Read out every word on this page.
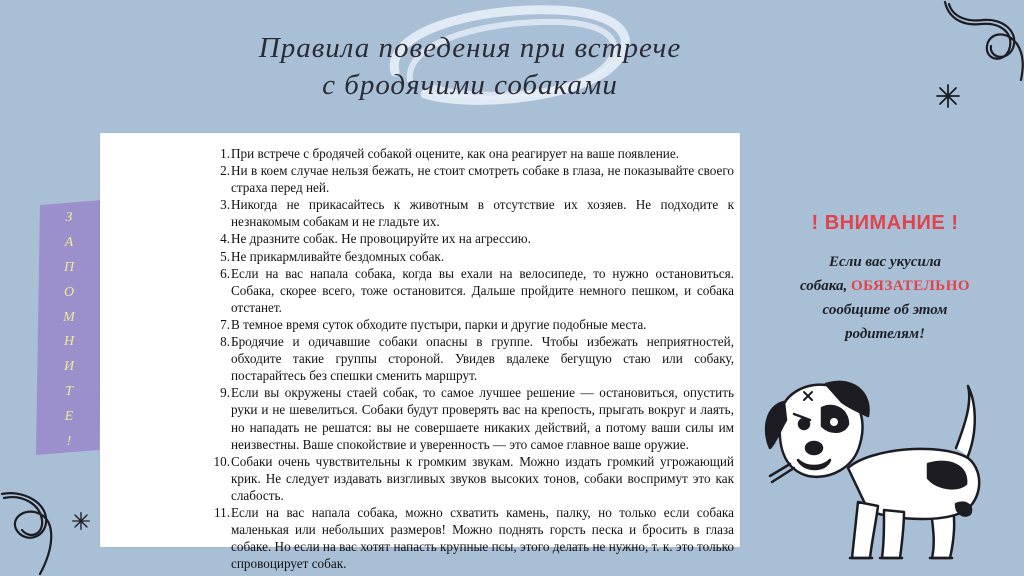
Правила поведения при встрече
с бродячими собаками
З
А
П
О
М
Н
И
Т
Е
!
1. При встрече с бродячей собакой оцените, как она реагирует на ваше появление.
2. Ни в коем случае нельзя бежать, не стоит смотреть собаке в глаза, не показывайте своего страха перед ней.
3. Никогда не прикасайтесь к животным в отсутствие их хозяев. Не подходите к незнакомым собакам и не гладьте их.
4. Не дразните собак. Не провоцируйте их на агрессию.
5. Не прикармливайте бездомных собак.
6. Если на вас напала собака, когда вы ехали на велосипеде, то нужно остановиться. Собака, скорее всего, тоже остановится. Дальше пройдите немного пешком, и собака отстанет.
7. В темное время суток обходите пустыри, парки и другие подобные места.
8. Бродячие и одичавшие собаки опасны в группе. Чтобы избежать неприятностей, обходите такие группы стороной. Увидев вдалеке бегущую стаю или собаку, постарайтесь без спешки сменить маршрут.
9. Если вы окружены стаей собак, то самое лучшее решение — остановиться, опустить руки и не шевелиться. Собаки будут проверять вас на крепость, прыгать вокруг и лаять, но нападать не решатся: вы не совершаете никаких действий, а потому ваши силы им неизвестны. Ваше спокойствие и уверенность — это самое главное ваше оружие.
10. Собаки очень чувствительны к громким звукам. Можно издать громкий угрожающий крик. Не следует издавать визгливых звуков высоких тонов, собаки воспримут это как слабость.
11. Если на вас напала собака, можно схватить камень, палку, но только если собака маленькая или небольших размеров! Можно поднять горсть песка и бросить в глаза собаке. Но если на вас хотят напасть крупные псы, этого делать не нужно, т. к. это только спровоцирует собак.
! ВНИМАНИЕ !
Если вас укусила
собака, ОБЯЗАТЕЛЬНО
сообщите об этом
родителям!
